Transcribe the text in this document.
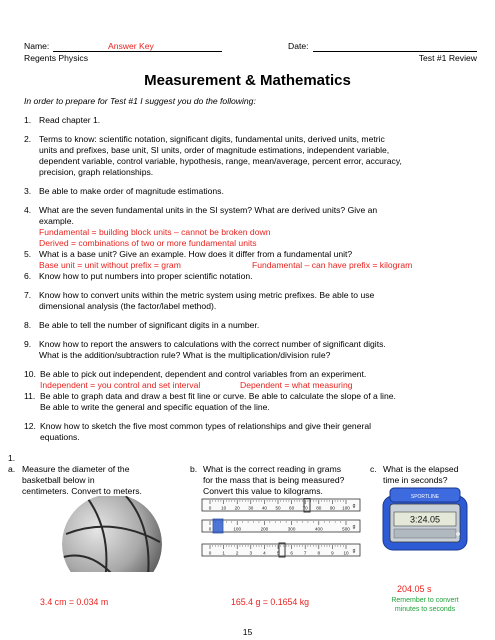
Name:	Answer Key	Date:
Regents Physics	Test #1 Review
Measurement & Mathematics
In order to prepare for Test #1 I suggest you do the following:
1. Read chapter 1.
2. Terms to know: scientific notation, significant digits, fundamental units, derived units, metric
units and prefixes, base unit, SI units, order of magnitude estimations, independent variable,
dependent variable, control variable, hypothesis, range, mean/average, percent error, accuracy,
precision, graph relationships.
3. Be able to make order of magnitude estimations.
4. What are the seven fundamental units in the SI system? What are derived units? Give an
example.
Fundamental = building block units – cannot be broken down
Derived = combinations of two or more fundamental units
5. What is a base unit? Give an example. How does it differ from a fundamental unit?
Base unit = unit without prefix = gram	Fundamental – can have prefix = kilogram
6. Know how to put numbers into proper scientific notation.
7. Know how to convert units within the metric system using metric prefixes. Be able to use
dimensional analysis (the factor/label method).
8. Be able to tell the number of significant digits in a number.
9. Know how to report the answers to calculations with the correct number of significant digits.
What is the addition/subtraction rule? What is the multiplication/division rule?
10. Be able to pick out independent, dependent and control variables from an experiment.
Independent = you control and set interval	Dependent = what measuring
11. Be able to graph data and draw a best fit line or curve. Be able to calculate the slope of a line.
Be able to write the general and specific equation of the line.
12. Know how to sketch the five most common types of relationships and give their general
equations.
1.
a. Measure the diameter of the
basketball below in
centimeters. Convert to meters.
b. What is the correct reading in grams
for the mass that is being measured?
Convert this value to kilograms.
c. What is the elapsed
time in seconds?
3.4 cm = 0.034 m
0 10 20 30 40 50 60 70 80 90 100 g
0	100	200	300	400	500 g
0 1 2 3 4 5 6 7 8 9 10 g
165.4 g = 0.1654 kg
3:24.05
SPORTLINE
204.05 s
Remember to convert
minutes to seconds
15
